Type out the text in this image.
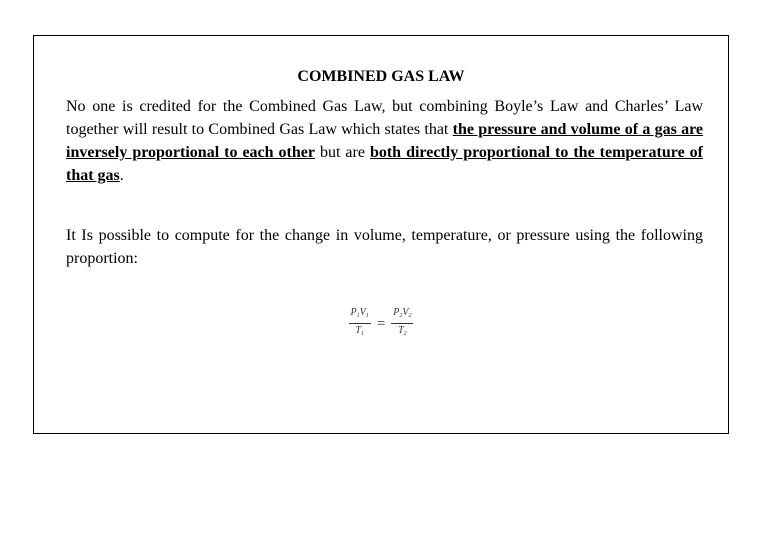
COMBINED GAS LAW
No one is credited for the Combined Gas Law, but combining Boyle’s Law and Charles’ Law together will result to Combined Gas Law which states that the pressure and volume of a gas are inversely proportional to each other but are both directly proportional to the temperature of that gas.
It Is possible to compute for the change in volume, temperature, or pressure using the following proportion:
$\frac{P_1V_1}{T_1} = \frac{P_2V_2}{T_2}$
